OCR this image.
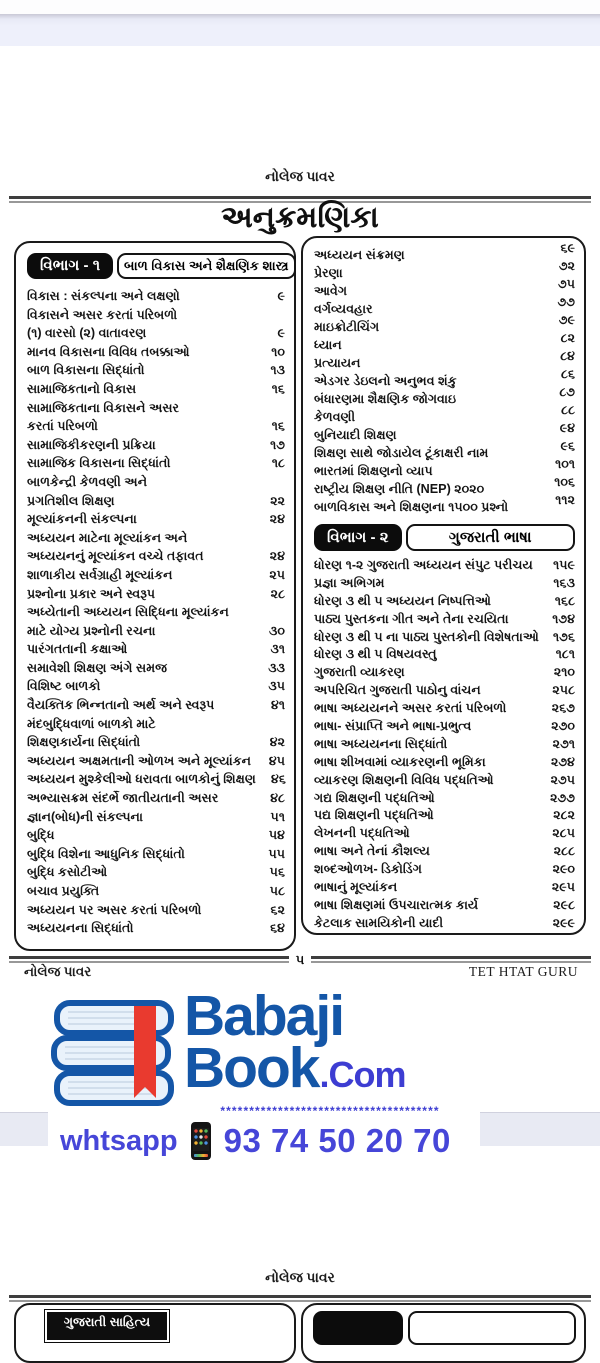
નોલેજ પાવર
અનુક્રમણિકા
વિભાગ - ૧	બાળ વિકાસ અને શૈક્ષણિક શાસ્ત્ર
વિકાસ : સંકલ્પના અને લક્ષણો	૯
વિકાસને અસર કરતાં પરિબળો
(૧) વારસો (૨) વાતાવરણ	૯
માનવ વિકાસના વિવિધ તબક્કાઓ	૧૦
બાળ વિકાસના સિદ્ધાંતો	૧૩
સામાજિકતાનો વિકાસ	૧૬
સામાજિકતાના વિકાસને અસર
કરતાં પરિબળો	૧૬
સામાજિકીકરણની પ્રક્રિયા	૧૭
સામાજિક વિકાસના સિદ્ધાંતો	૧૮
બાળકેન્દ્રી કેળવણી અને
પ્રગતિશીલ શિક્ષણ	૨૨
મૂલ્યાંકનની સંકલ્પના	૨૪
અધ્યયન માટેના મૂલ્યાંકન અને
અધ્યયનનું મૂલ્યાંકન વચ્ચે તફાવત	૨૪
શાળાકીય સર્વગ્રાહી મૂલ્યાંકન	૨૫
પ્રશ્નોના પ્રકાર અને સ્વરૂપ	૨૮
અધ્યેતાની અધ્યયન સિદ્ધિના મૂલ્યાંકન
માટે યોગ્ય પ્રશ્નોની રચના	૩૦
પારંગતતાની કક્ષાઓ	૩૧
સમાવેશી શિક્ષણ અંગે સમજ	૩૩
વિશિષ્ટ બાળકો	૩૫
વૈયક્તિક ભિન્નતાનો અર્થ અને સ્વરૂપ	૪૧
મંદબુદ્ધિવાળાં બાળકો માટે
શિક્ષણકાર્યના સિદ્ધાંતો	૪૨
અધ્યયન અક્ષમતાની ઓળખ અને મૂલ્યાંકન	૪૫
અધ્યયન મુશ્કેલીઓ ધરાવતા બાળકોનું શિક્ષણ	૪૬
અભ્યાસક્રમ સંદર્ભે જાતીયતાની અસર	૪૮
જ્ઞાન(બોધ)ની સંકલ્પના	૫૧
બુદ્ધિ	૫૪
બુદ્ધિ વિશેના આધુનિક સિદ્ધાંતો	૫૫
બુદ્ધિ કસોટીઓ	૫૬
બચાવ પ્રયુક્તિ	૫૮
અધ્યયન પર અસર કરતાં પરિબળો	૬૨
અધ્યયનના સિદ્ધાંતો	૬૪
અધ્યયન સંક્રમણ	૬૯
પ્રેરણા	૭૨
આવેગ	૭૫
વર્ગવ્યવહાર	૭૭
માઇક્રોટીચિંગ	૭૯
ધ્યાન	૮૨
પ્રત્યાયન	૮૪
એડગર ડેઇલનો અનુભવ શંકુ	૮૬
બંધારણમા શૈક્ષણિક જોગવાઇ	૮૭
કેળવણી	૮૮
બુનિયાદી શિક્ષણ	૯૪
શિક્ષણ સાથે જોડાયેલ ટૂંકાક્ષરી નામ	૯૬
ભારતમાં શિક્ષણનો વ્યાપ	૧૦૧
રાષ્ટ્રીય શિક્ષણ નીતિ (NEP) ૨૦૨૦	૧૦૬
બાળવિકાસ અને શિક્ષણના ૧૫૦૦ પ્રશ્નો	૧૧૨
વિભાગ - ૨	ગુજરાતી ભાષા
ધોરણ ૧-૨ ગુજરાતી અધ્યયન સંપુટ પરીચય ૧૫૯
પ્રજ્ઞા અભિગમ	૧૬૩
ધોરણ ૩ થી ૫ અધ્યયન નિષ્પત્તિઓ	૧૬૮
પાઠ્ય પુસ્તકના ગીત અને તેના રચયિતા	૧૭૪
ધોરણ ૩ થી ૫ ના પાઠ્ય પુસ્તકોની વિશેષતાઓ ૧૭૬
ધોરણ ૩ થી ૫ વિષયવસ્તુ	૧૮૧
ગુજરાતી વ્યાકરણ	૨૧૦
અપરિચિત ગુજરાતી પાઠોનુ વાંચન	૨૫૮
ભાષા અધ્યયનને અસર કરતાં પરિબળો	૨૬૭
ભાષા- સંપ્રાપ્તિ અને ભાષા-પ્રભુત્વ	૨૭૦
ભાષા અધ્યયનના સિદ્ધાંતો	૨૭૧
ભાષા શીખવામાં વ્યાકરણની ભૂમિકા	૨૭૪
વ્યાકરણ શિક્ષણની વિવિધ પદ્ધતિઓ	૨૭૫
ગદ્ય શિક્ષણની પદ્ધતિઓ	૨૭૭
પદ્ય શિક્ષણની પદ્ધતિઓ	૨૮૨
લેખનની પદ્ધતિઓ	૨૮૫
ભાષા અને તેનાં કૌશલ્ય	૨૮૮
શબ્દઓળખ- ડિકોડિંગ	૨૯૦
ભાષાનું મૂલ્યાંકન	૨૯૫
ભાષા શિક્ષણમાં ઉપચારાત્મક કાર્ય	૨૯૮
કેટલાક સામયિકોની યાદી	૨૯૯
૫
નોલેજ પાવર	TET HTAT GURU
Babaji
Book .Com
**************************************
whtsapp 93 74 50 20 70
નોલેજ પાવર
ગુજરાતી સાહિત્ય
